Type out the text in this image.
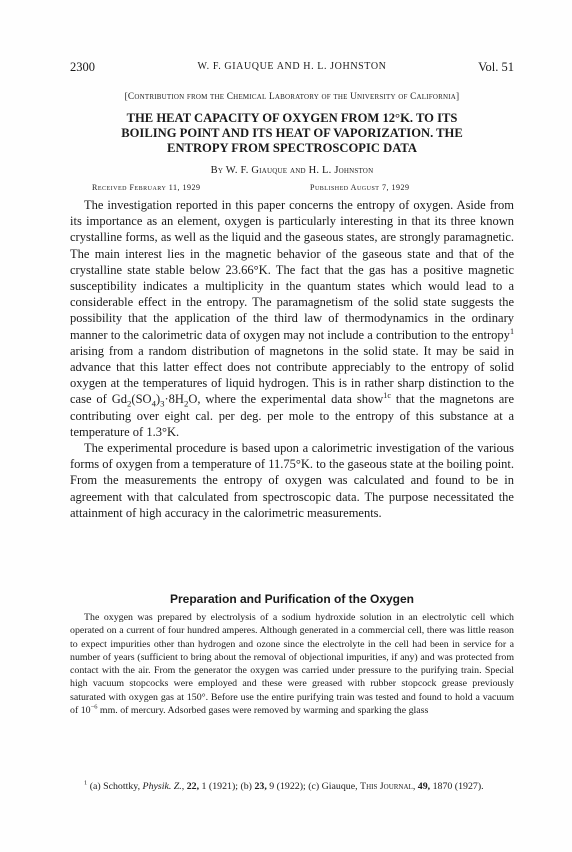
2300	W. F. GIAUQUE AND H. L. JOHNSTON	Vol. 51
[Contribution from the Chemical Laboratory of the University of California]
THE HEAT CAPACITY OF OXYGEN FROM 12°K. TO ITS
BOILING POINT AND ITS HEAT OF VAPORIZATION. THE
ENTROPY FROM SPECTROSCOPIC DATA
By W. F. Giauque and H. L. Johnston
Received February 11, 1929	Published August 7, 1929

The investigation reported in this paper concerns the entropy of oxygen. Aside from its importance as an element, oxygen is particularly interesting in that its three known crystalline forms, as well as the liquid and the gaseous states, are strongly paramagnetic. The main interest lies in the magnetic behavior of the gaseous state and that of the crystalline state stable below 23.66°K. The fact that the gas has a positive magnetic susceptibility indicates a multiplicity in the quantum states which would lead to a considerable effect in the entropy. The paramagnetism of the solid state suggests the possibility that the application of the third law of thermodynamics in the ordinary manner to the calorimetric data of oxygen may not include a contribution to the entropy$^1$ arising from a random distribution of magnetons in the solid state. It may be said in advance that this latter effect does not contribute appreciably to the entropy of solid oxygen at the temperatures of liquid hydrogen. This is in rather sharp distinction to the case of $Gd_2(SO_4)_3\cdot 8H_2O$, where the experimental data show$^{1c}$ that the magnetons are contributing over eight cal. per deg. per mole to the entropy of this substance at a temperature of 1.3°K.

The experimental procedure is based upon a calorimetric investigation of the various forms of oxygen from a temperature of 11.75°K. to the gaseous state at the boiling point. From the measurements the entropy of oxygen was calculated and found to be in agreement with that calculated from spectroscopic data. The purpose necessitated the attainment of high accuracy in the calorimetric measurements.

Preparation and Purification of the Oxygen

The oxygen was prepared by electrolysis of a sodium hydroxide solution in an electrolytic cell which operated on a current of four hundred amperes. Although generated in a commercial cell, there was little reason to expect impurities other than hydrogen and ozone since the electrolyte in the cell had been in service for a number of years (sufficient to bring about the removal of objectional impurities, if any) and was protected from contact with the air. From the generator the oxygen was carried under pressure to the purifying train. Special high vacuum stopcocks were employed and these were greased with rubber stopcock grease previously saturated with oxygen gas at 150°. Before use the entire purifying train was tested and found to hold a vacuum of $10^{-6}$ mm. of mercury. Adsorbed gases were removed by warming and sparking the glass

$^1$ (a) Schottky, Physik. Z., 22, 1 (1921); (b) 23, 9 (1922); (c) Giauque, This Journal, 49, 1870 (1927).
